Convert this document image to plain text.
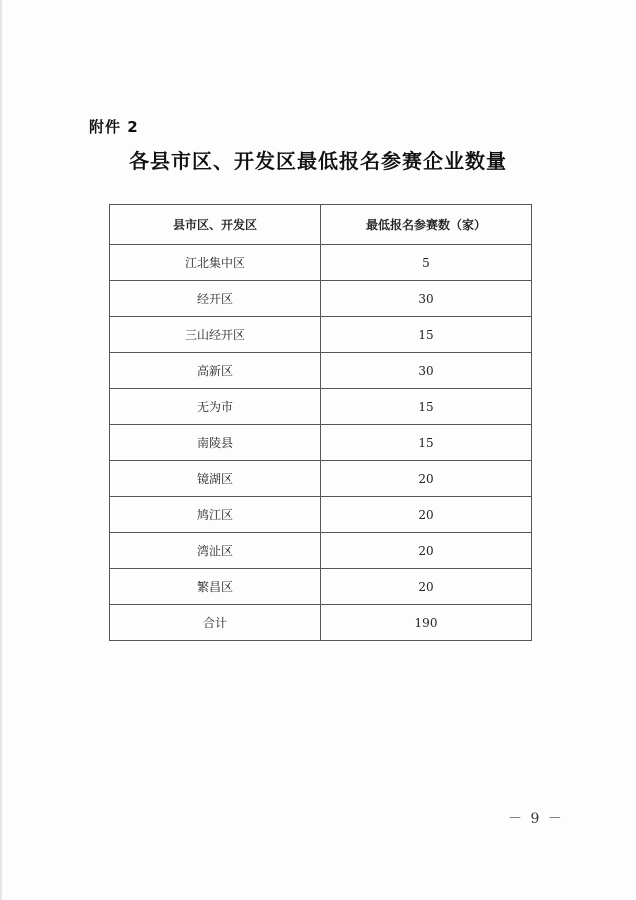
附件 2
各县市区、开发区最低报名参赛企业数量
县市区、开发区	最低报名参赛数（家）
江北集中区	5
经开区	30
三山经开区	15
高新区	30
无为市	15
南陵县	15
镜湖区	20
鸠江区	20
湾沚区	20
繁昌区	20
合计	190
－ 9 －
